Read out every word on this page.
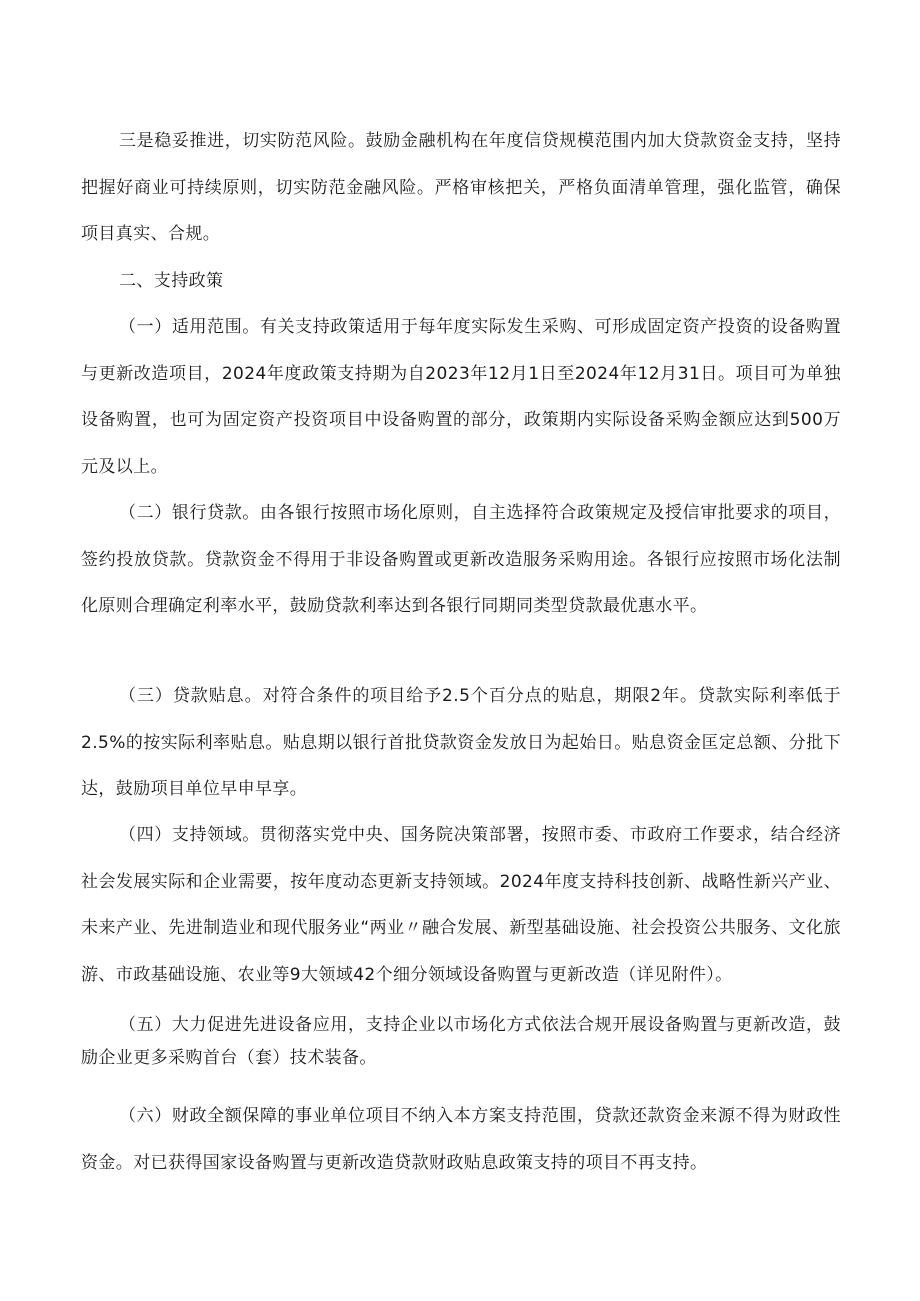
三是稳妥推进，切实防范风险。鼓励金融机构在年度信贷规模范围内加大贷款资金支持，坚持把握好商业可持续原则，切实防范金融风险。严格审核把关，严格负面清单管理，强化监管，确保项目真实、合规。

二、支持政策

（一）适用范围。有关支持政策适用于每年度实际发生采购、可形成固定资产投资的设备购置与更新改造项目，2024年度政策支持期为自2023年12月1日至2024年12月31日。项目可为单独设备购置，也可为固定资产投资项目中设备购置的部分，政策期内实际设备采购金额应达到500万元及以上。

（二）银行贷款。由各银行按照市场化原则，自主选择符合政策规定及授信审批要求的项目，签约投放贷款。贷款资金不得用于非设备购置或更新改造服务采购用途。各银行应按照市场化法制化原则合理确定利率水平，鼓励贷款利率达到各银行同期同类型贷款最优惠水平。

（三）贷款贴息。对符合条件的项目给予2.5个百分点的贴息，期限2年。贷款实际利率低于2.5%的按实际利率贴息。贴息期以银行首批贷款资金发放日为起始日。贴息资金匡定总额、分批下达，鼓励项目单位早申早享。

（四）支持领域。贯彻落实党中央、国务院决策部署，按照市委、市政府工作要求，结合经济社会发展实际和企业需要，按年度动态更新支持领域。2024年度支持科技创新、战略性新兴产业、未来产业、先进制造业和现代服务业“两业〃融合发展、新型基础设施、社会投资公共服务、文化旅游、市政基础设施、农业等9大领域42个细分领域设备购置与更新改造（详见附件）。

（五）大力促进先进设备应用，支持企业以市场化方式依法合规开展设备购置与更新改造，鼓励企业更多采购首台（套）技术装备。

（六）财政全额保障的事业单位项目不纳入本方案支持范围，贷款还款资金来源不得为财政性资金。对已获得国家设备购置与更新改造贷款财政贴息政策支持的项目不再支持。
